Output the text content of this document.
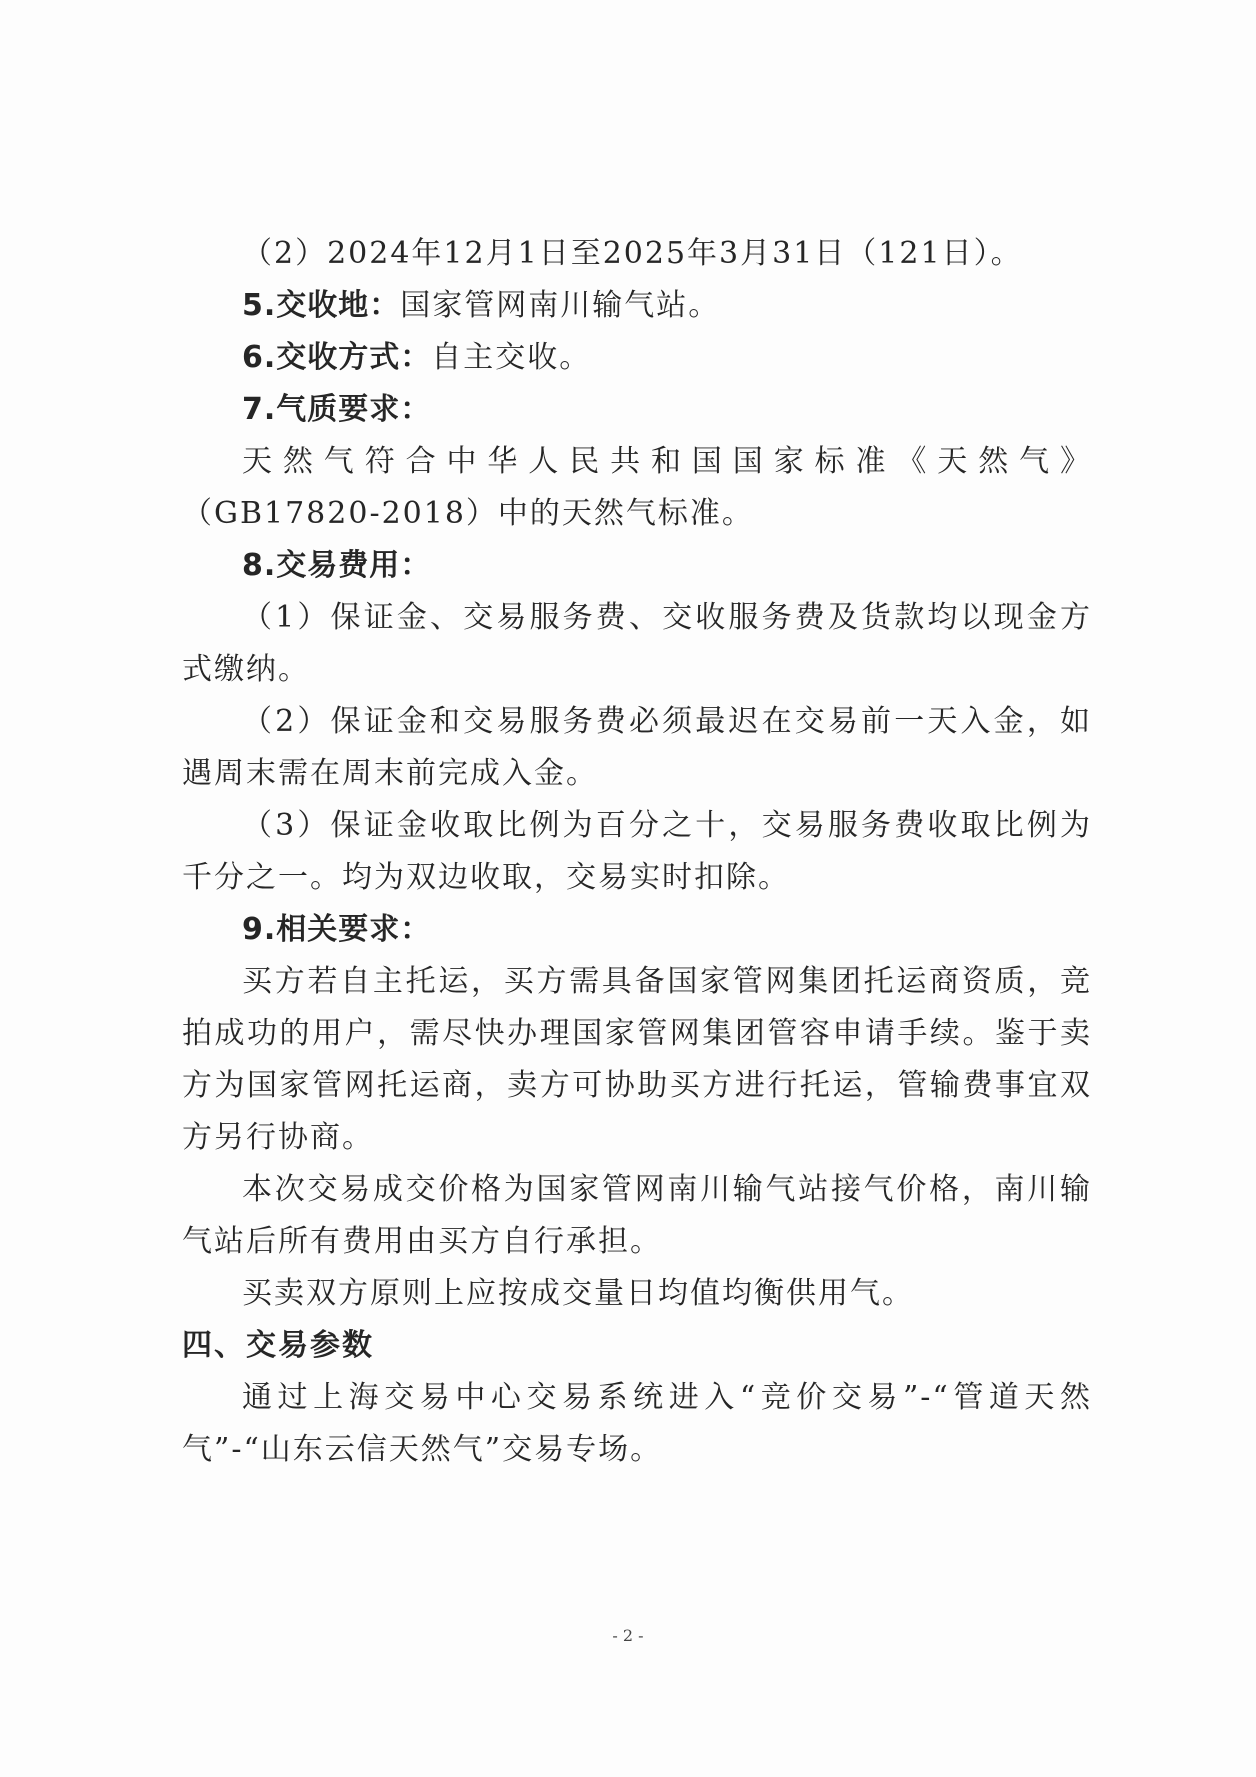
（2）2024年12月1日至2025年3月31日（121日）。

5.交收地：国家管网南川输气站。

6.交收方式：自主交收。

7.气质要求：

天然气符合中华人民共和国国家标准《天然气》（GB17820-2018）中的天然气标准。

8.交易费用：

（1）保证金、交易服务费、交收服务费及货款均以现金方式缴纳。

（2）保证金和交易服务费必须最迟在交易前一天入金，如遇周末需在周末前完成入金。

（3）保证金收取比例为百分之十，交易服务费收取比例为千分之一。均为双边收取，交易实时扣除。

9.相关要求：

买方若自主托运，买方需具备国家管网集团托运商资质，竞拍成功的用户，需尽快办理国家管网集团管容申请手续。鉴于卖方为国家管网托运商，卖方可协助买方进行托运，管输费事宜双方另行协商。

本次交易成交价格为国家管网南川输气站接气价格，南川输气站后所有费用由买方自行承担。

买卖双方原则上应按成交量日均值均衡供用气。

四、交易参数

通过上海交易中心交易系统进入“竞价交易”-“管道天然气”-“山东云信天然气”交易专场。

- 2 -
